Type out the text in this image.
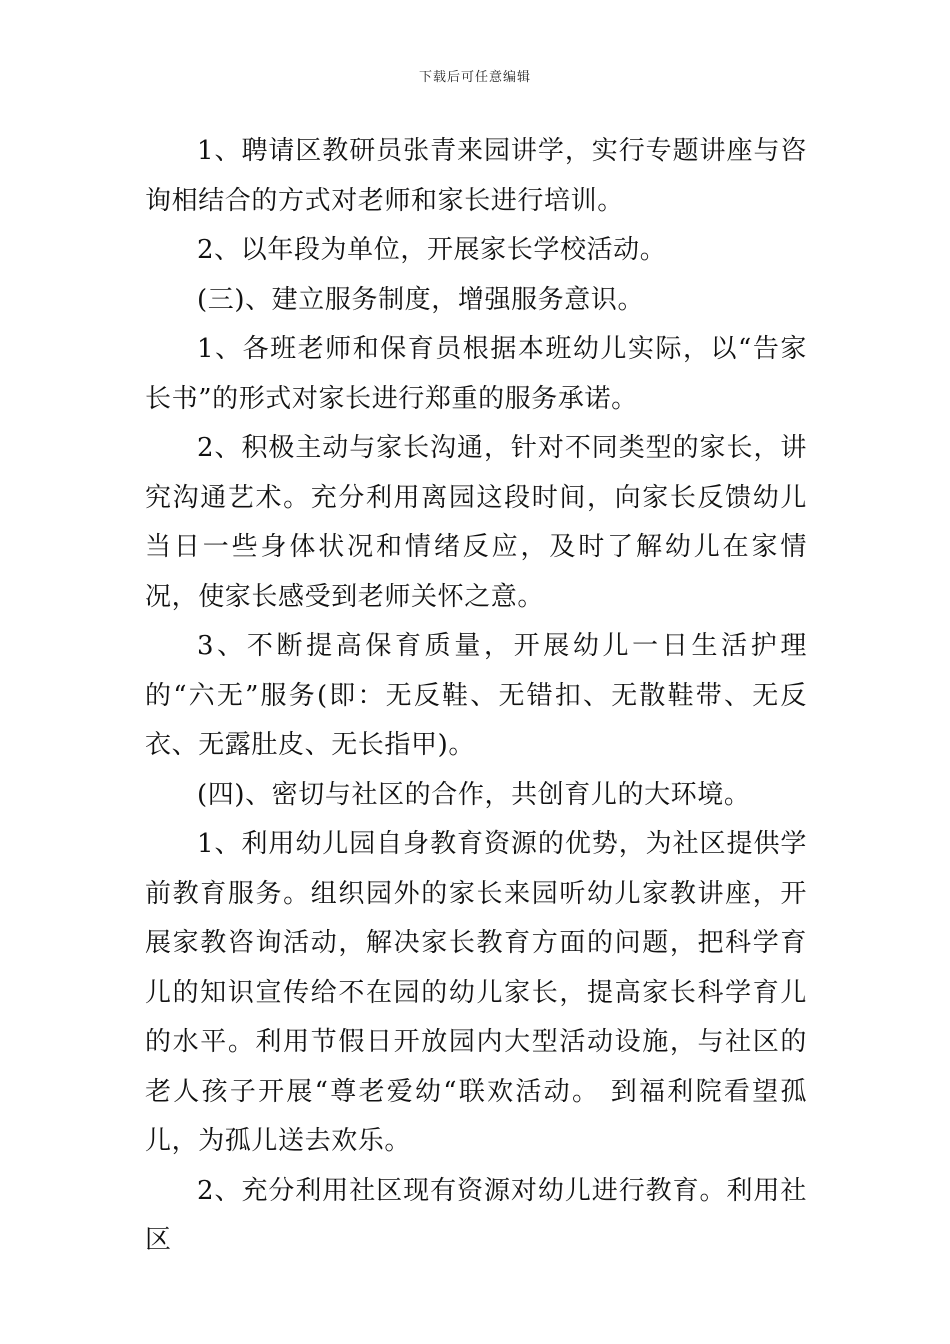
下载后可任意编辑

1、聘请区教研员张青来园讲学，实行专题讲座与咨询相结合的方式对老师和家长进行培训。

2、以年段为单位，开展家长学校活动。

(三)、建立服务制度，增强服务意识。

1、各班老师和保育员根据本班幼儿实际，以“告家长书”的形式对家长进行郑重的服务承诺。

2、积极主动与家长沟通，针对不同类型的家长，讲究沟通艺术。充分利用离园这段时间，向家长反馈幼儿当日一些身体状况和情绪反应，及时了解幼儿在家情况，使家长感受到老师关怀之意。

3、不断提高保育质量，开展幼儿一日生活护理的“六无”服务(即：无反鞋、无错扣、无散鞋带、无反衣、无露肚皮、无长指甲)。

(四)、密切与社区的合作，共创育儿的大环境。

1、利用幼儿园自身教育资源的优势，为社区提供学前教育服务。组织园外的家长来园听幼儿家教讲座，开展家教咨询活动，解决家长教育方面的问题，把科学育儿的知识宣传给不在园的幼儿家长，提高家长科学育儿的水平。利用节假日开放园内大型活动设施，与社区的老人孩子开展“尊老爱幼“联欢活动。 到福利院看望孤儿，为孤儿送去欢乐。

2、充分利用社区现有资源对幼儿进行教育。利用社区
